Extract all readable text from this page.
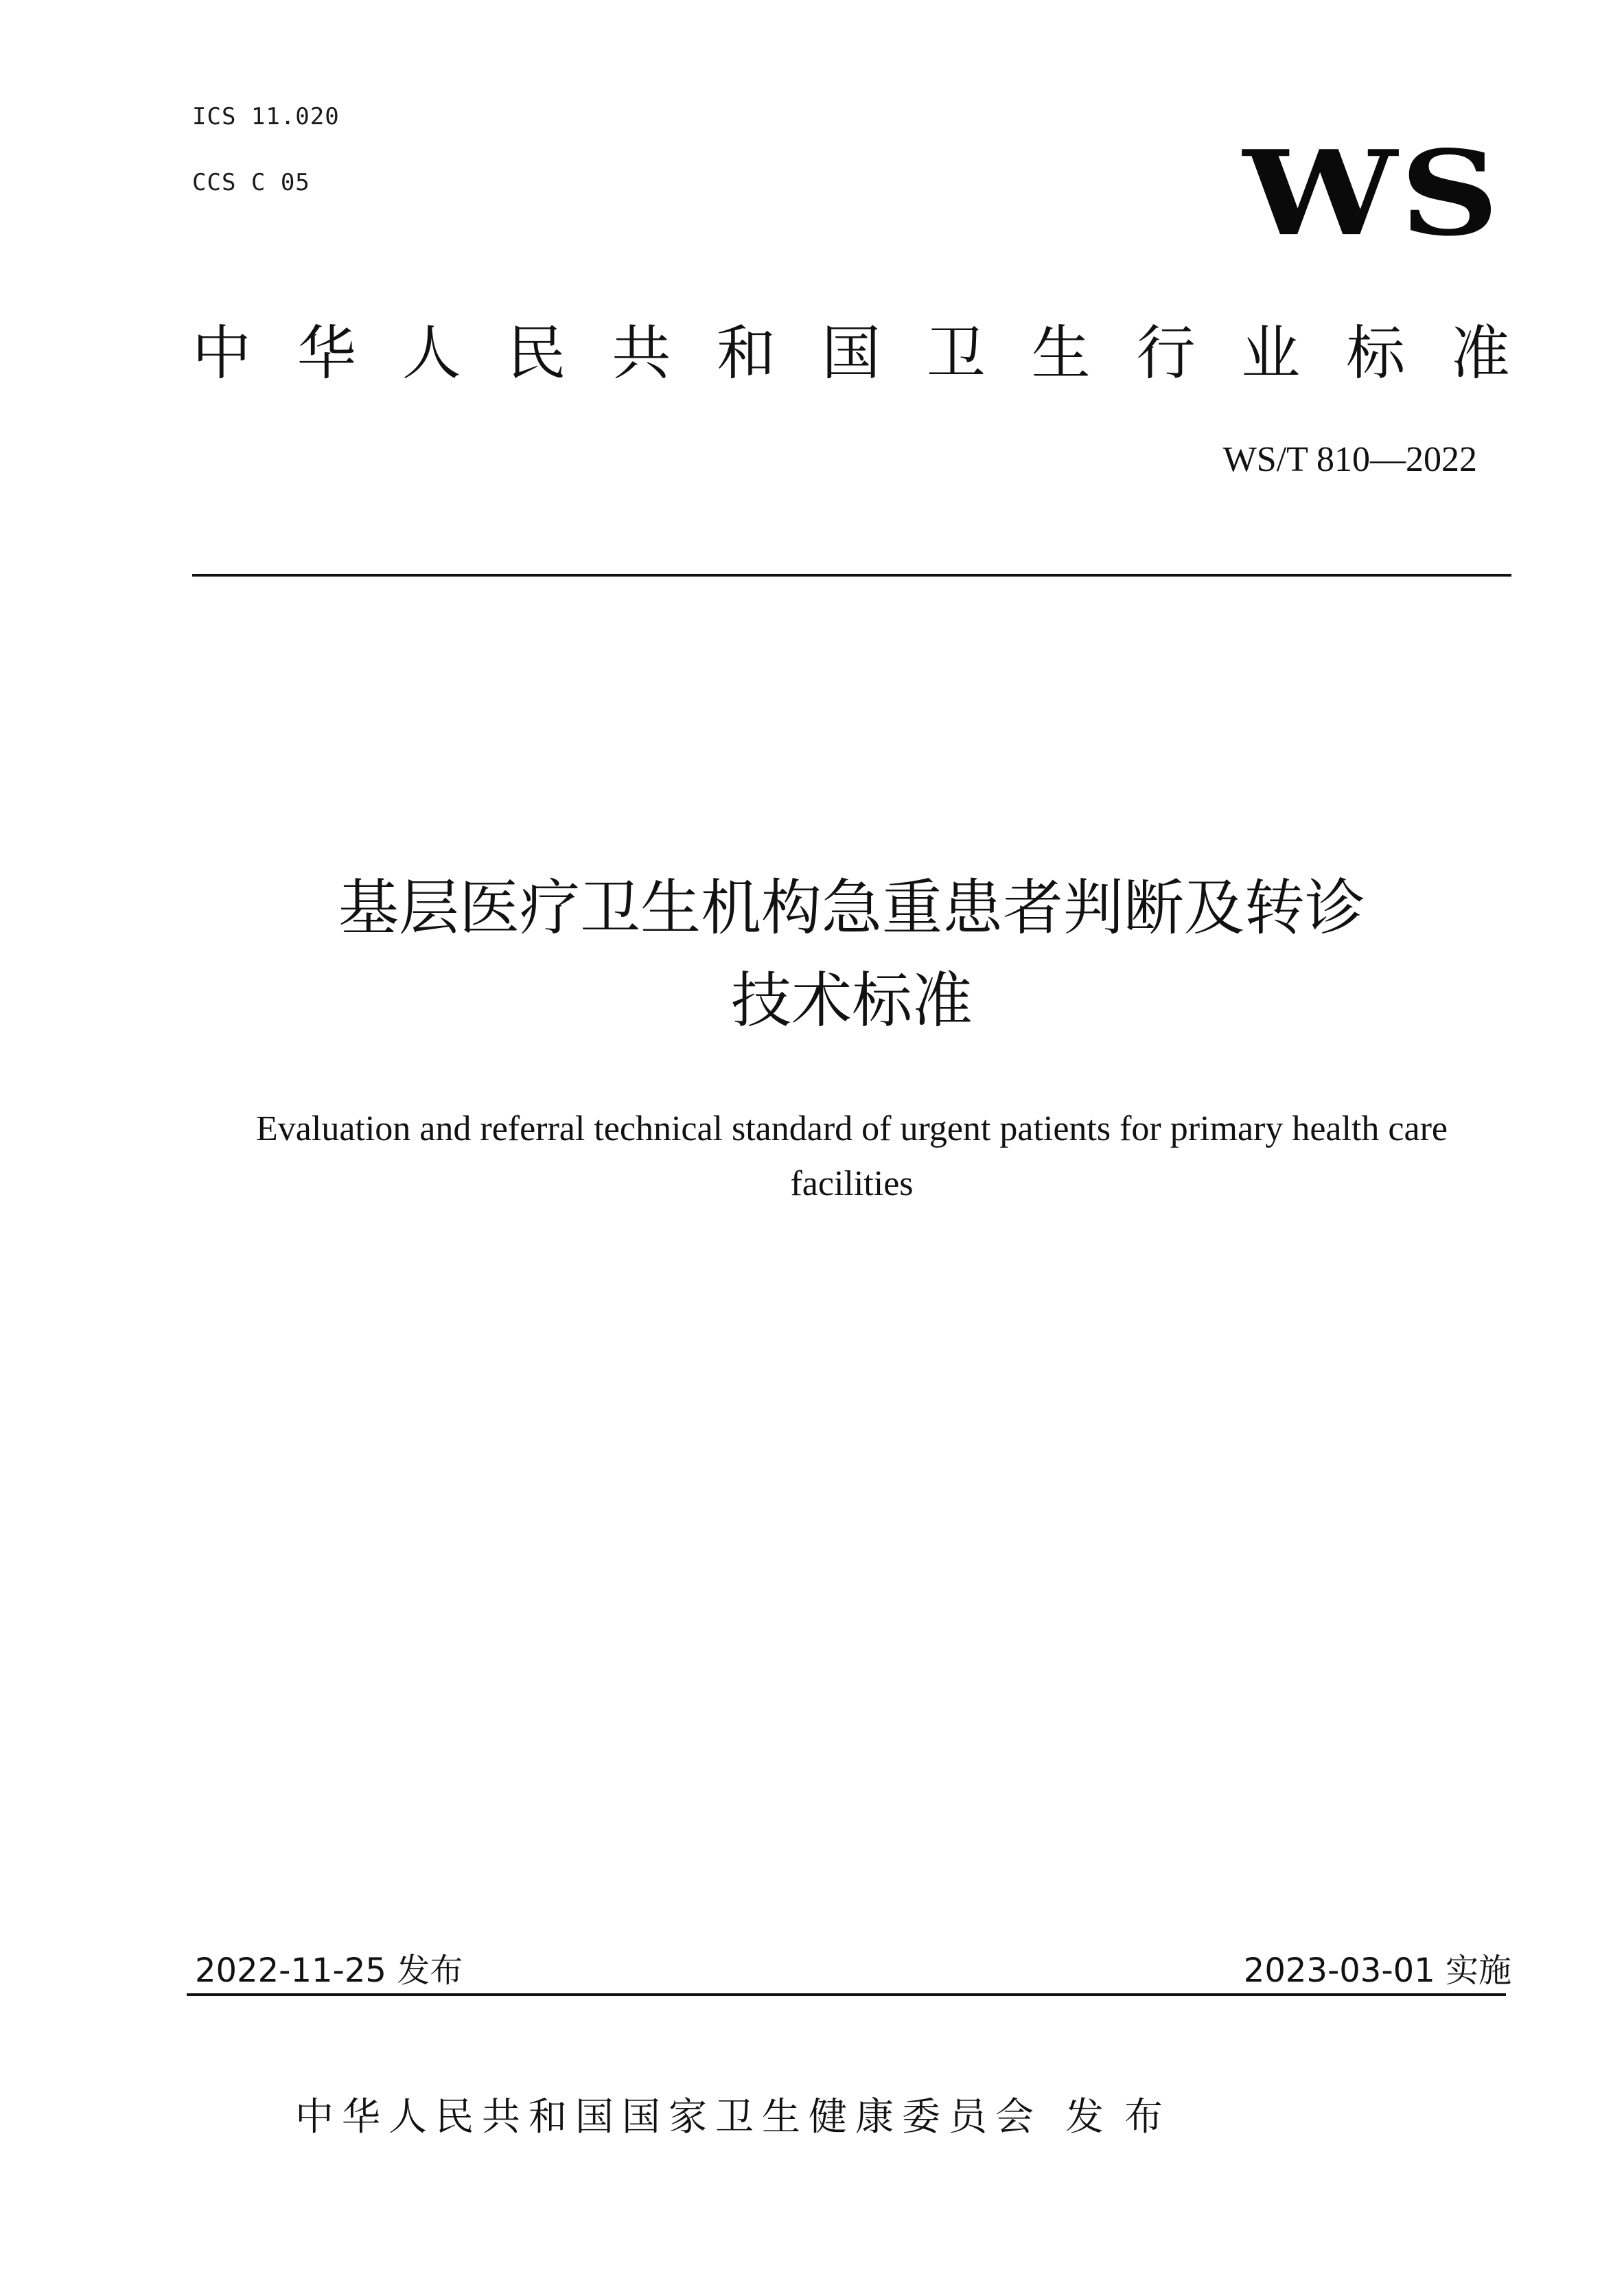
ICS 11.020
CCS C 05	WS
中 华 人 民 共 和 国 卫 生 行 业 标 准
WS/T 810—2022
基层医疗卫生机构急重患者判断及转诊
技术标准
Evaluation and referral technical standard of urgent patients for primary health care facilities
2022-11-25 发布	2023-03-01 实施
中华人民共和国国家卫生健康委员会 发布
